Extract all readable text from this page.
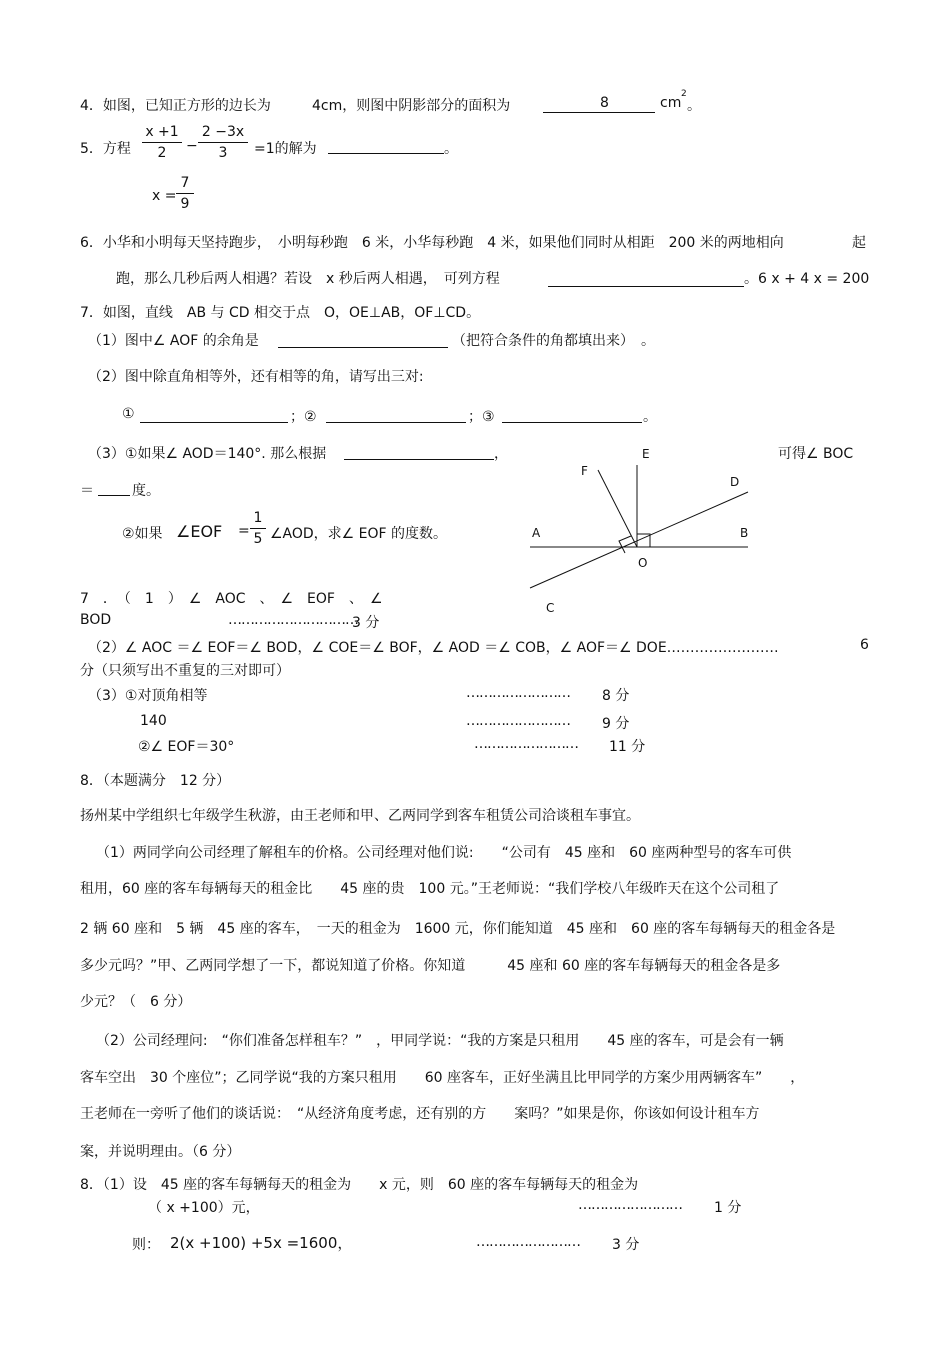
4．如图，已知正方形的边长为	4cm，则图中阴影部分的面积为	8	cm
2
。
5．方程
x +1
2	−
2 −3x
3	=1的解为	。
x =
7
9
6．小华和小明每天坚持跑步，　小明每秒跑　6 米，小华每秒跑　4 米，如果他们同时从相距　200 米的两地相向	起
跑，那么几秒后两人相遇？若设　x 秒后两人相遇，　可列方程	。6 x + 4 x = 200
7．如图，直线　AB 与 CD 相交于点　O，OE⊥AB，OF⊥CD。
（1）图中∠ AOF 的余角是	（把符合条件的角都填出来）　。
（2）图中除直角相等外，还有相等的角，请写出三对:
①	；②	；③	。
（3）①如果∠ AOD＝140°. 那么根据	，	可得∠ BOC
＝	度。
②如果 ∠EOF =
1
5 ∠AOD，求∠ EOF 的度数。	A	B
C
D
E
F
O
7　．　（　1　）　∠　AOC　、　∠　EOF　、　∠
BOD	…………………………
3 分
（2）∠ AOC ＝∠ EOF＝∠ BOD，∠ COE＝∠ BOF，∠ AOD ＝∠ COB，∠ AOF＝∠ DOE……………………	6
分（只须写出不重复的三对即可）
（3）①对顶角相等	…………………… 8 分
140	…………………… 9 分
②∠ EOF＝30°	…………………… 11 分
8．（本题满分　12 分）
扬州某中学组织七年级学生秋游，由王老师和甲、乙两同学到客车租赁公司洽谈租车事宜。
（1）两同学向公司经理了解租车的价格。公司经理对他们说:　　“公司有　45 座和　60 座两种型号的客车可供
租用，60 座的客车每辆每天的租金比　　45 座的贵　100 元。”王老师说：“我们学校八年级昨天在这个公司租了
2 辆 60 座和　5 辆　45 座的客车，　一天的租金为　1600 元，你们能知道　45 座和　60 座的客车每辆每天的租金各是
多少元吗？”甲、乙两同学想了一下，都说知道了价格。你知道　　　45 座和 60 座的客车每辆每天的租金各是多
少元？（　6 分）
（2）公司经理问:　“你们准备怎样租车？”　，甲同学说：“我的方案是只租用　　45 座的客车，可是会有一辆
客车空出　30 个座位”；乙同学说“我的方案只租用　　60 座客车，正好坐满且比甲同学的方案少用两辆客车”　　，
王老师在一旁听了他们的谈话说：　“从经济角度考虑，还有别的方　　案吗？”如果是你，你该如何设计租车方
案，并说明理由。（6 分）
8．（1）设　45 座的客车每辆每天的租金为　　x 元，则　60 座的客车每辆每天的租金为
（ x +100）元，	…………………… 1 分
则： 2(x +100) +5x =1600，	…………………… 3 分
